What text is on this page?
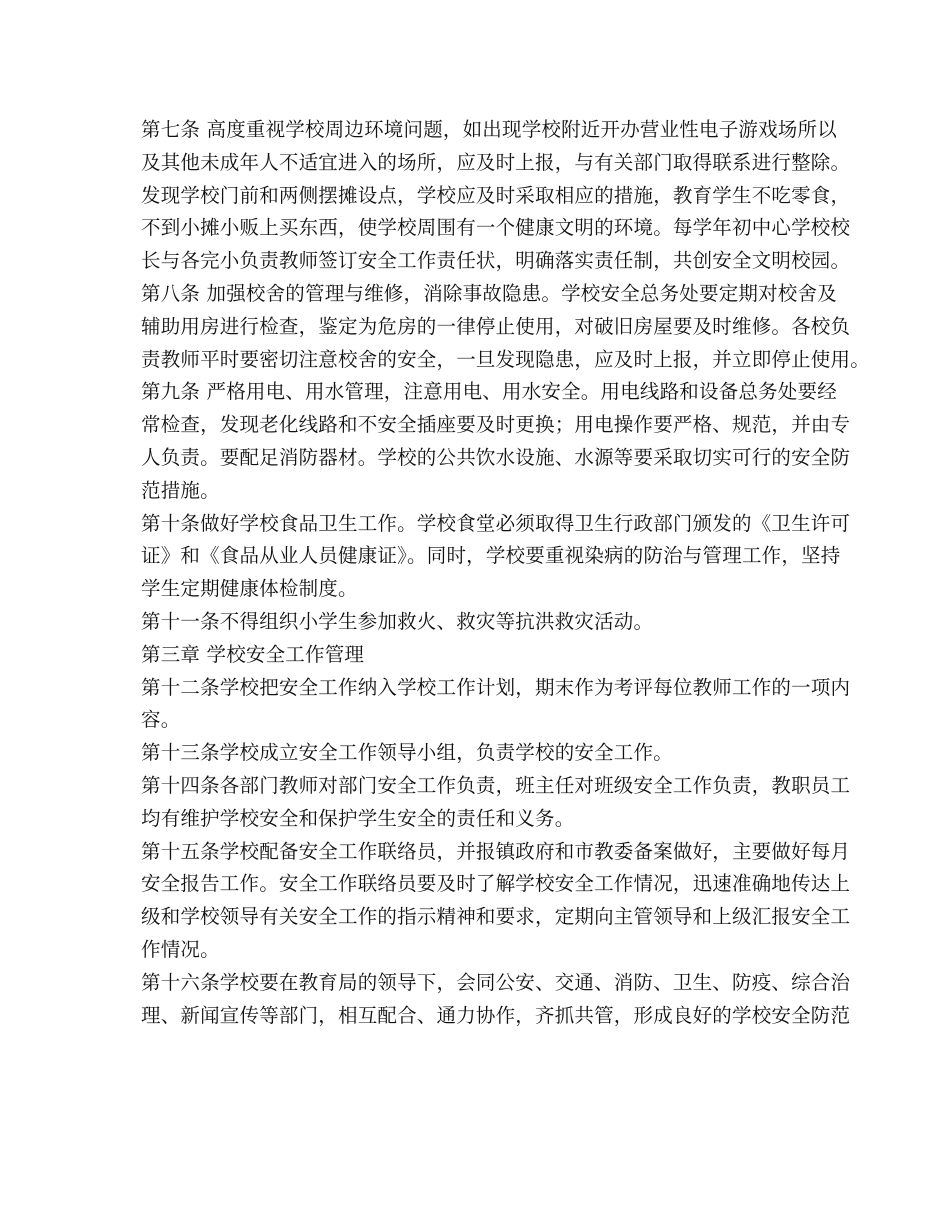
第七条 高度重视学校周边环境问题，如出现学校附近开办营业性电子游戏场所以
及其他未成年人不适宜进入的场所，应及时上报，与有关部门取得联系进行整除。
发现学校门前和两侧摆摊设点，学校应及时采取相应的措施，教育学生不吃零食，
不到小摊小贩上买东西，使学校周围有一个健康文明的环境。每学年初中心学校校
长与各完小负责教师签订安全工作责任状，明确落实责任制，共创安全文明校园。
第八条 加强校舍的管理与维修，消除事故隐患。学校安全总务处要定期对校舍及
辅助用房进行检查，鉴定为危房的一律停止使用，对破旧房屋要及时维修。各校负
责教师平时要密切注意校舍的安全，一旦发现隐患，应及时上报，并立即停止使用。
第九条 严格用电、用水管理，注意用电、用水安全。用电线路和设备总务处要经
常检查，发现老化线路和不安全插座要及时更换；用电操作要严格、规范，并由专
人负责。要配足消防器材。学校的公共饮水设施、水源等要采取切实可行的安全防
范措施。
第十条做好学校食品卫生工作。学校食堂必须取得卫生行政部门颁发的《卫生许可
证》和《食品从业人员健康证》。同时，学校要重视染病的防治与管理工作，坚持
学生定期健康体检制度。
第十一条不得组织小学生参加救火、救灾等抗洪救灾活动。
第三章 学校安全工作管理
第十二条学校把安全工作纳入学校工作计划，期末作为考评每位教师工作的一项内
容。
第十三条学校成立安全工作领导小组，负责学校的安全工作。
第十四条各部门教师对部门安全工作负责，班主任对班级安全工作负责，教职员工
均有维护学校安全和保护学生安全的责任和义务。
第十五条学校配备安全工作联络员，并报镇政府和市教委备案做好，主要做好每月
安全报告工作。安全工作联络员要及时了解学校安全工作情况，迅速准确地传达上
级和学校领导有关安全工作的指示精神和要求，定期向主管领导和上级汇报安全工
作情况。
第十六条学校要在教育局的领导下，会同公安、交通、消防、卫生、防疫、综合治
理、新闻宣传等部门，相互配合、通力协作，齐抓共管，形成良好的学校安全防范
